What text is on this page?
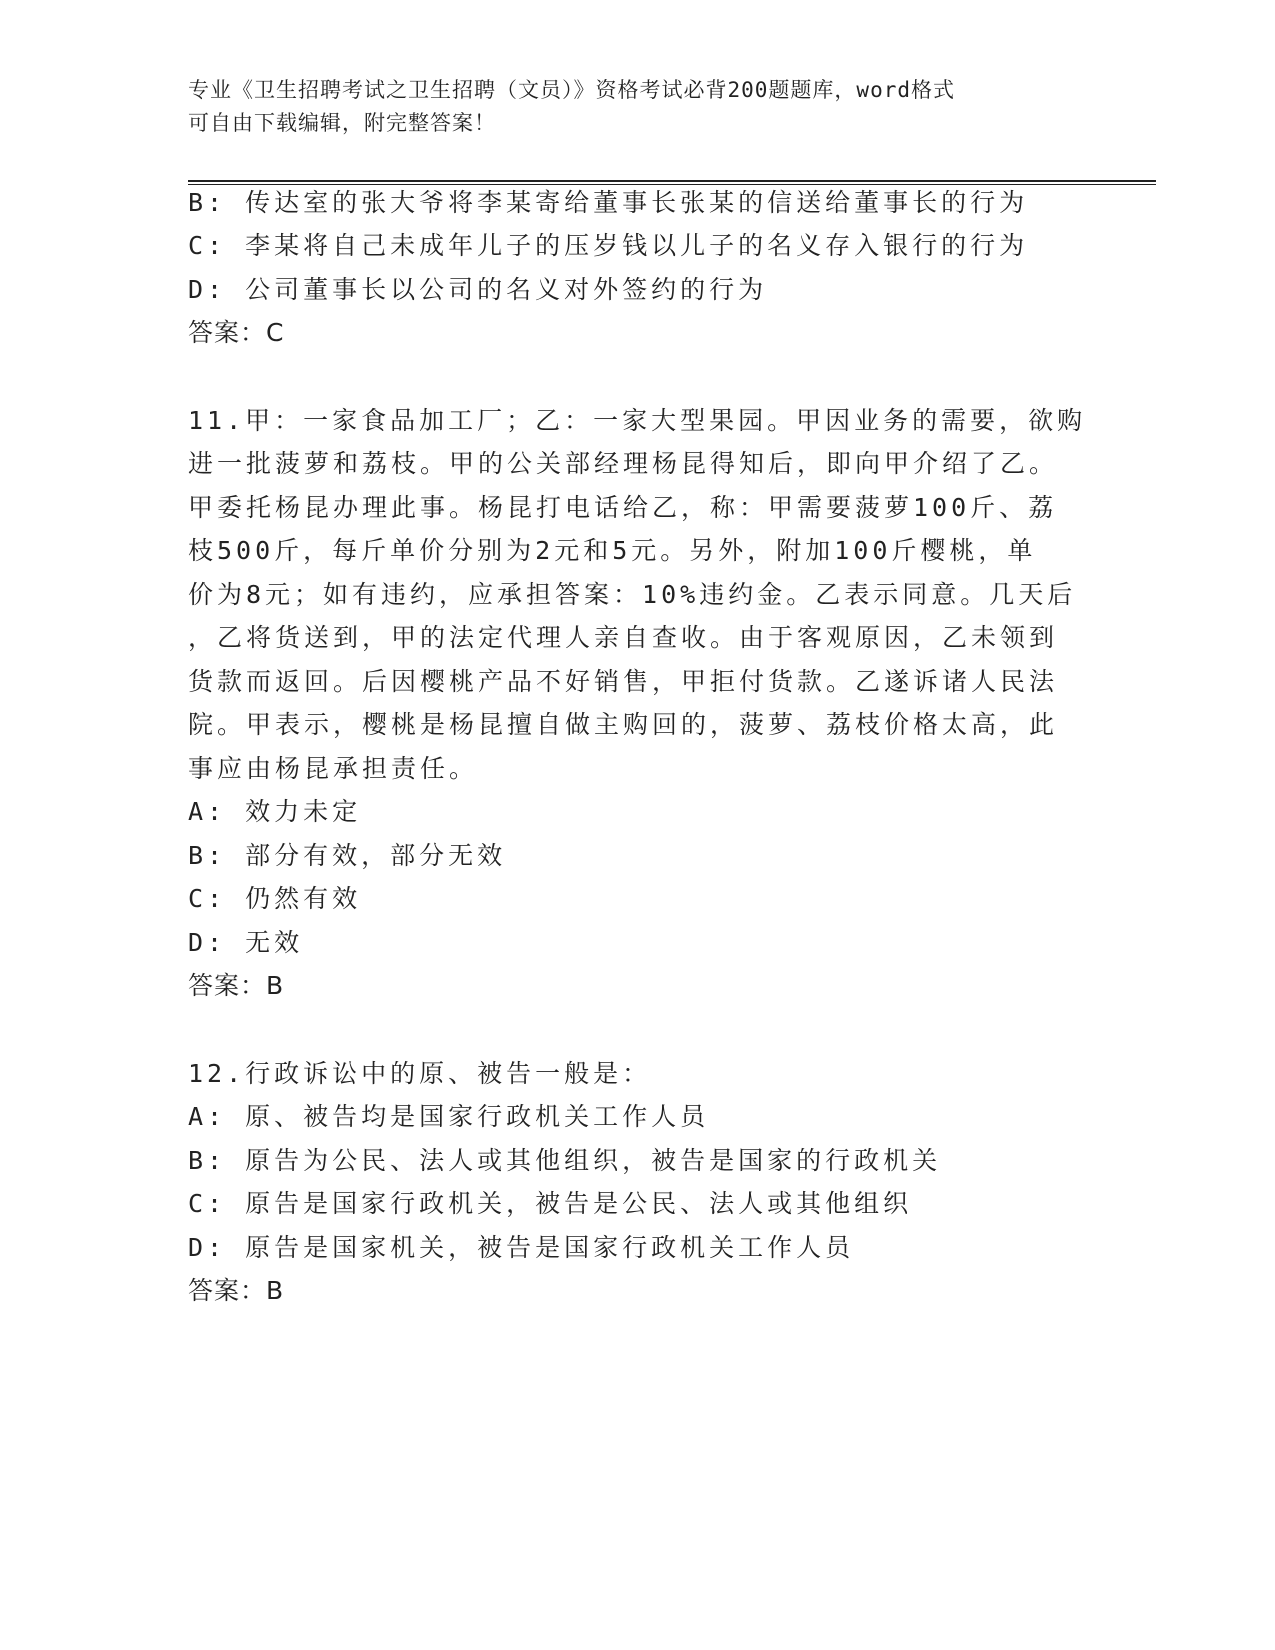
专业《卫生招聘考试之卫生招聘（文员）》资格考试必背200题题库，word格式
可自由下载编辑，附完整答案！
B: 传达室的张大爷将李某寄给董事长张某的信送给董事长的行为
C: 李某将自己未成年儿子的压岁钱以儿子的名义存入银行的行为
D: 公司董事长以公司的名义对外签约的行为
答案：C
11.甲：一家食品加工厂；乙：一家大型果园。甲因业务的需要，欲购
进一批菠萝和荔枝。甲的公关部经理杨昆得知后，即向甲介绍了乙。
甲委托杨昆办理此事。杨昆打电话给乙，称：甲需要菠萝100斤、荔
枝500斤，每斤单价分别为2元和5元。另外，附加100斤樱桃，单
价为8元；如有违约，应承担答案：10%违约金。乙表示同意。几天后
，乙将货送到，甲的法定代理人亲自查收。由于客观原因，乙未领到
货款而返回。后因樱桃产品不好销售，甲拒付货款。乙遂诉诸人民法
院。甲表示，樱桃是杨昆擅自做主购回的，菠萝、荔枝价格太高，此
事应由杨昆承担责任。
A: 效力未定
B: 部分有效，部分无效
C: 仍然有效
D: 无效
答案：B
12.行政诉讼中的原、被告一般是：
A: 原、被告均是国家行政机关工作人员
B: 原告为公民、法人或其他组织，被告是国家的行政机关
C: 原告是国家行政机关，被告是公民、法人或其他组织
D: 原告是国家机关，被告是国家行政机关工作人员
答案：B
